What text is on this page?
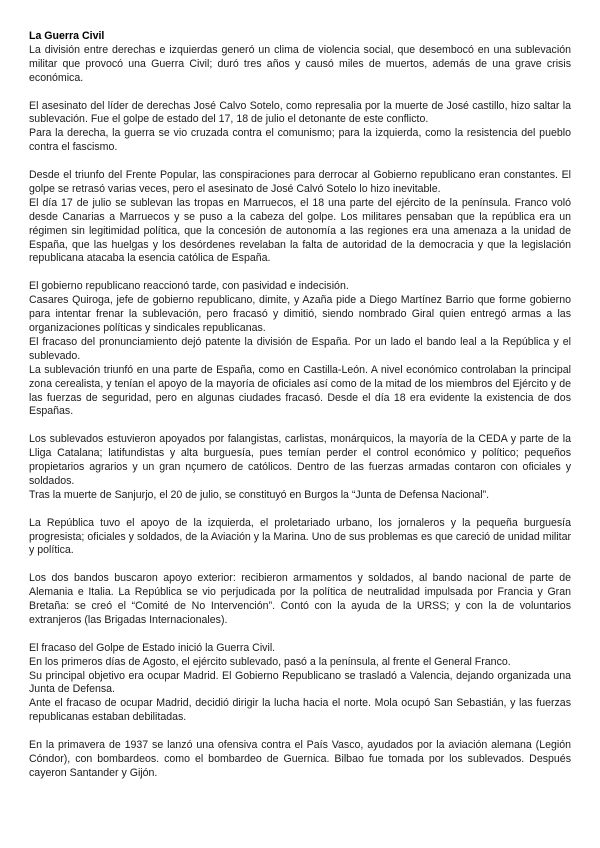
La Guerra Civil

La división entre derechas e izquierdas generó un clima de violencia social, que desembocó en una sublevación militar que provocó una Guerra Civil; duró tres años y causó miles de muertos, además de una grave crisis económica.

El asesinato del líder de derechas José Calvo Sotelo, como represalia por la muerte de José castillo, hizo saltar la sublevación. Fue el golpe de estado del 17, 18 de julio el detonante de este conflicto.

Para la derecha, la guerra se vio cruzada contra el comunismo; para la izquierda, como la resistencia del pueblo contra el fascismo.

Desde el triunfo del Frente Popular, las conspiraciones para derrocar al Gobierno republicano eran constantes. El golpe se retrasó varias veces, pero el asesinato de José Calvó Sotelo lo hizo inevitable.

El día 17 de julio se sublevan las tropas en Marruecos, el 18 una parte del ejército de la península. Franco voló desde Canarias a Marruecos y se puso a la cabeza del golpe. Los militares pensaban que la república era un régimen sin legitimidad política, que la concesión de autonomía a las regiones era una amenaza a la unidad de España, que las huelgas y los desórdenes revelaban la falta de autoridad de la democracia y que la legislación republicana atacaba la esencia católica de España.

El gobierno republicano reaccionó tarde, con pasividad e indecisión.

Casares Quiroga, jefe de gobierno republicano, dimite, y Azaña pide a Diego Martínez Barrio que forme gobierno para intentar frenar la sublevación, pero fracasó y dimitió, siendo nombrado Giral quien entregó armas a las organizaciones políticas y sindicales republicanas.

El fracaso del pronunciamiento dejó patente la división de España. Por un lado el bando leal a la República y el sublevado.

La sublevación triunfó en una parte de España, como en Castilla-León. A nivel económico controlaban la principal zona cerealista, y tenían el apoyo de la mayoría de oficiales así como de la mitad de los miembros del Ejército y de las fuerzas de seguridad, pero en algunas ciudades fracasó. Desde el día 18 era evidente la existencia de dos Españas.

Los sublevados estuvieron apoyados por falangistas, carlistas, monárquicos, la mayoría de la CEDA y parte de la Lliga Catalana; latifundistas y alta burguesía, pues temían perder el control económico y político; pequeños propietarios agrarios y un gran nçumero de católicos. Dentro de las fuerzas armadas contaron con oficiales y soldados.

Tras la muerte de Sanjurjo, el 20 de julio, se constituyó en Burgos la “Junta de Defensa Nacional”.

La República tuvo el apoyo de la izquierda, el proletariado urbano, los jornaleros y la pequeña burguesía progresista; oficiales y soldados, de la Aviación y la Marina. Uno de sus problemas es que careció de unidad militar y política.

Los dos bandos buscaron apoyo exterior: recibieron armamentos y soldados, al bando nacional de parte de Alemania e Italia. La República se vio perjudicada por la política de neutralidad impulsada por Francia y Gran Bretaña: se creó el “Comité de No Intervención”. Contó con la ayuda de la URSS; y con la de voluntarios extranjeros (las Brigadas Internacionales).

El fracaso del Golpe de Estado inició la Guerra Civil.

En los primeros días de Agosto, el ejército sublevado, pasó a la península, al frente el General Franco.

Su principal objetivo era ocupar Madrid. El Gobierno Republicano se trasladó a Valencia, dejando organizada una Junta de Defensa.

Ante el fracaso de ocupar Madrid, decidió dirigir la lucha hacia el norte. Mola ocupó San Sebastián, y las fuerzas republicanas estaban debilitadas.

En la primavera de 1937 se lanzó una ofensiva contra el País Vasco, ayudados por la aviación alemana (Legión Cóndor), con bombardeos. como el bombardeo de Guernica. Bilbao fue tomada por los sublevados. Después cayeron Santander y Gijón.
